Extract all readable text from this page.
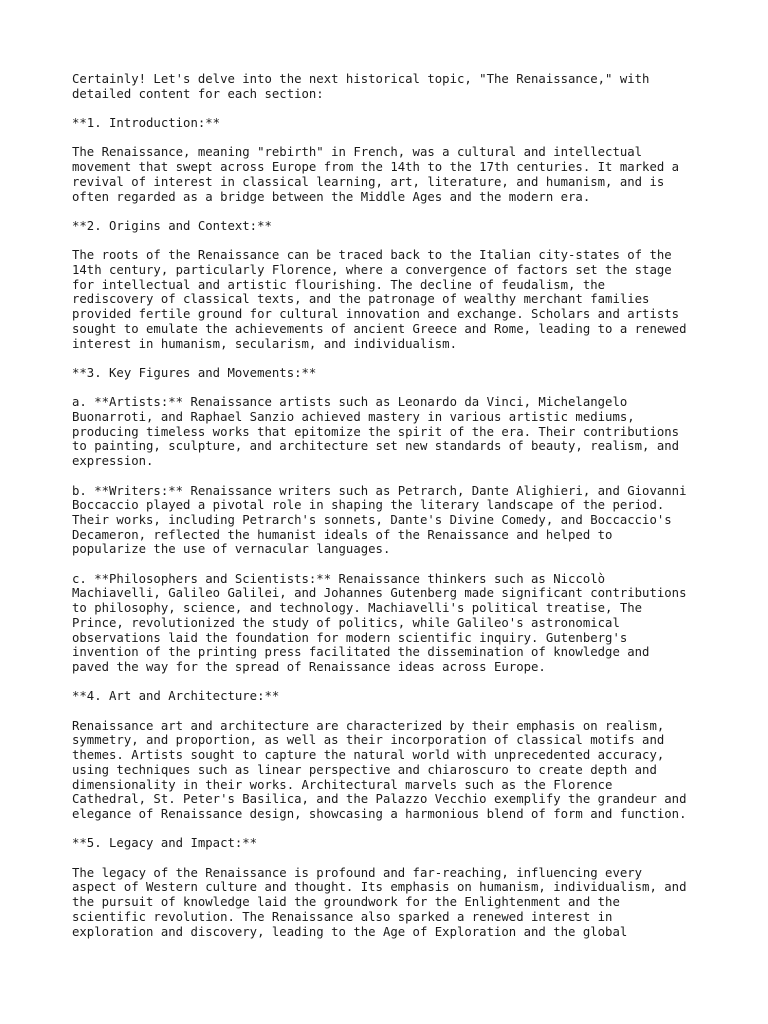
Certainly! Let's delve into the next historical topic, "The Renaissance," with
detailed content for each section:

**1. Introduction:**

The Renaissance, meaning "rebirth" in French, was a cultural and intellectual
movement that swept across Europe from the 14th to the 17th centuries. It marked a
revival of interest in classical learning, art, literature, and humanism, and is
often regarded as a bridge between the Middle Ages and the modern era.

**2. Origins and Context:**

The roots of the Renaissance can be traced back to the Italian city-states of the
14th century, particularly Florence, where a convergence of factors set the stage
for intellectual and artistic flourishing. The decline of feudalism, the
rediscovery of classical texts, and the patronage of wealthy merchant families
provided fertile ground for cultural innovation and exchange. Scholars and artists
sought to emulate the achievements of ancient Greece and Rome, leading to a renewed
interest in humanism, secularism, and individualism.

**3. Key Figures and Movements:**

a. **Artists:** Renaissance artists such as Leonardo da Vinci, Michelangelo
Buonarroti, and Raphael Sanzio achieved mastery in various artistic mediums,
producing timeless works that epitomize the spirit of the era. Their contributions
to painting, sculpture, and architecture set new standards of beauty, realism, and
expression.

b. **Writers:** Renaissance writers such as Petrarch, Dante Alighieri, and Giovanni
Boccaccio played a pivotal role in shaping the literary landscape of the period.
Their works, including Petrarch's sonnets, Dante's Divine Comedy, and Boccaccio's
Decameron, reflected the humanist ideals of the Renaissance and helped to
popularize the use of vernacular languages.

c. **Philosophers and Scientists:** Renaissance thinkers such as Niccolò
Machiavelli, Galileo Galilei, and Johannes Gutenberg made significant contributions
to philosophy, science, and technology. Machiavelli's political treatise, The
Prince, revolutionized the study of politics, while Galileo's astronomical
observations laid the foundation for modern scientific inquiry. Gutenberg's
invention of the printing press facilitated the dissemination of knowledge and
paved the way for the spread of Renaissance ideas across Europe.

**4. Art and Architecture:**

Renaissance art and architecture are characterized by their emphasis on realism,
symmetry, and proportion, as well as their incorporation of classical motifs and
themes. Artists sought to capture the natural world with unprecedented accuracy,
using techniques such as linear perspective and chiaroscuro to create depth and
dimensionality in their works. Architectural marvels such as the Florence
Cathedral, St. Peter's Basilica, and the Palazzo Vecchio exemplify the grandeur and
elegance of Renaissance design, showcasing a harmonious blend of form and function.

**5. Legacy and Impact:**

The legacy of the Renaissance is profound and far-reaching, influencing every
aspect of Western culture and thought. Its emphasis on humanism, individualism, and
the pursuit of knowledge laid the groundwork for the Enlightenment and the
scientific revolution. The Renaissance also sparked a renewed interest in
exploration and discovery, leading to the Age of Exploration and the global
